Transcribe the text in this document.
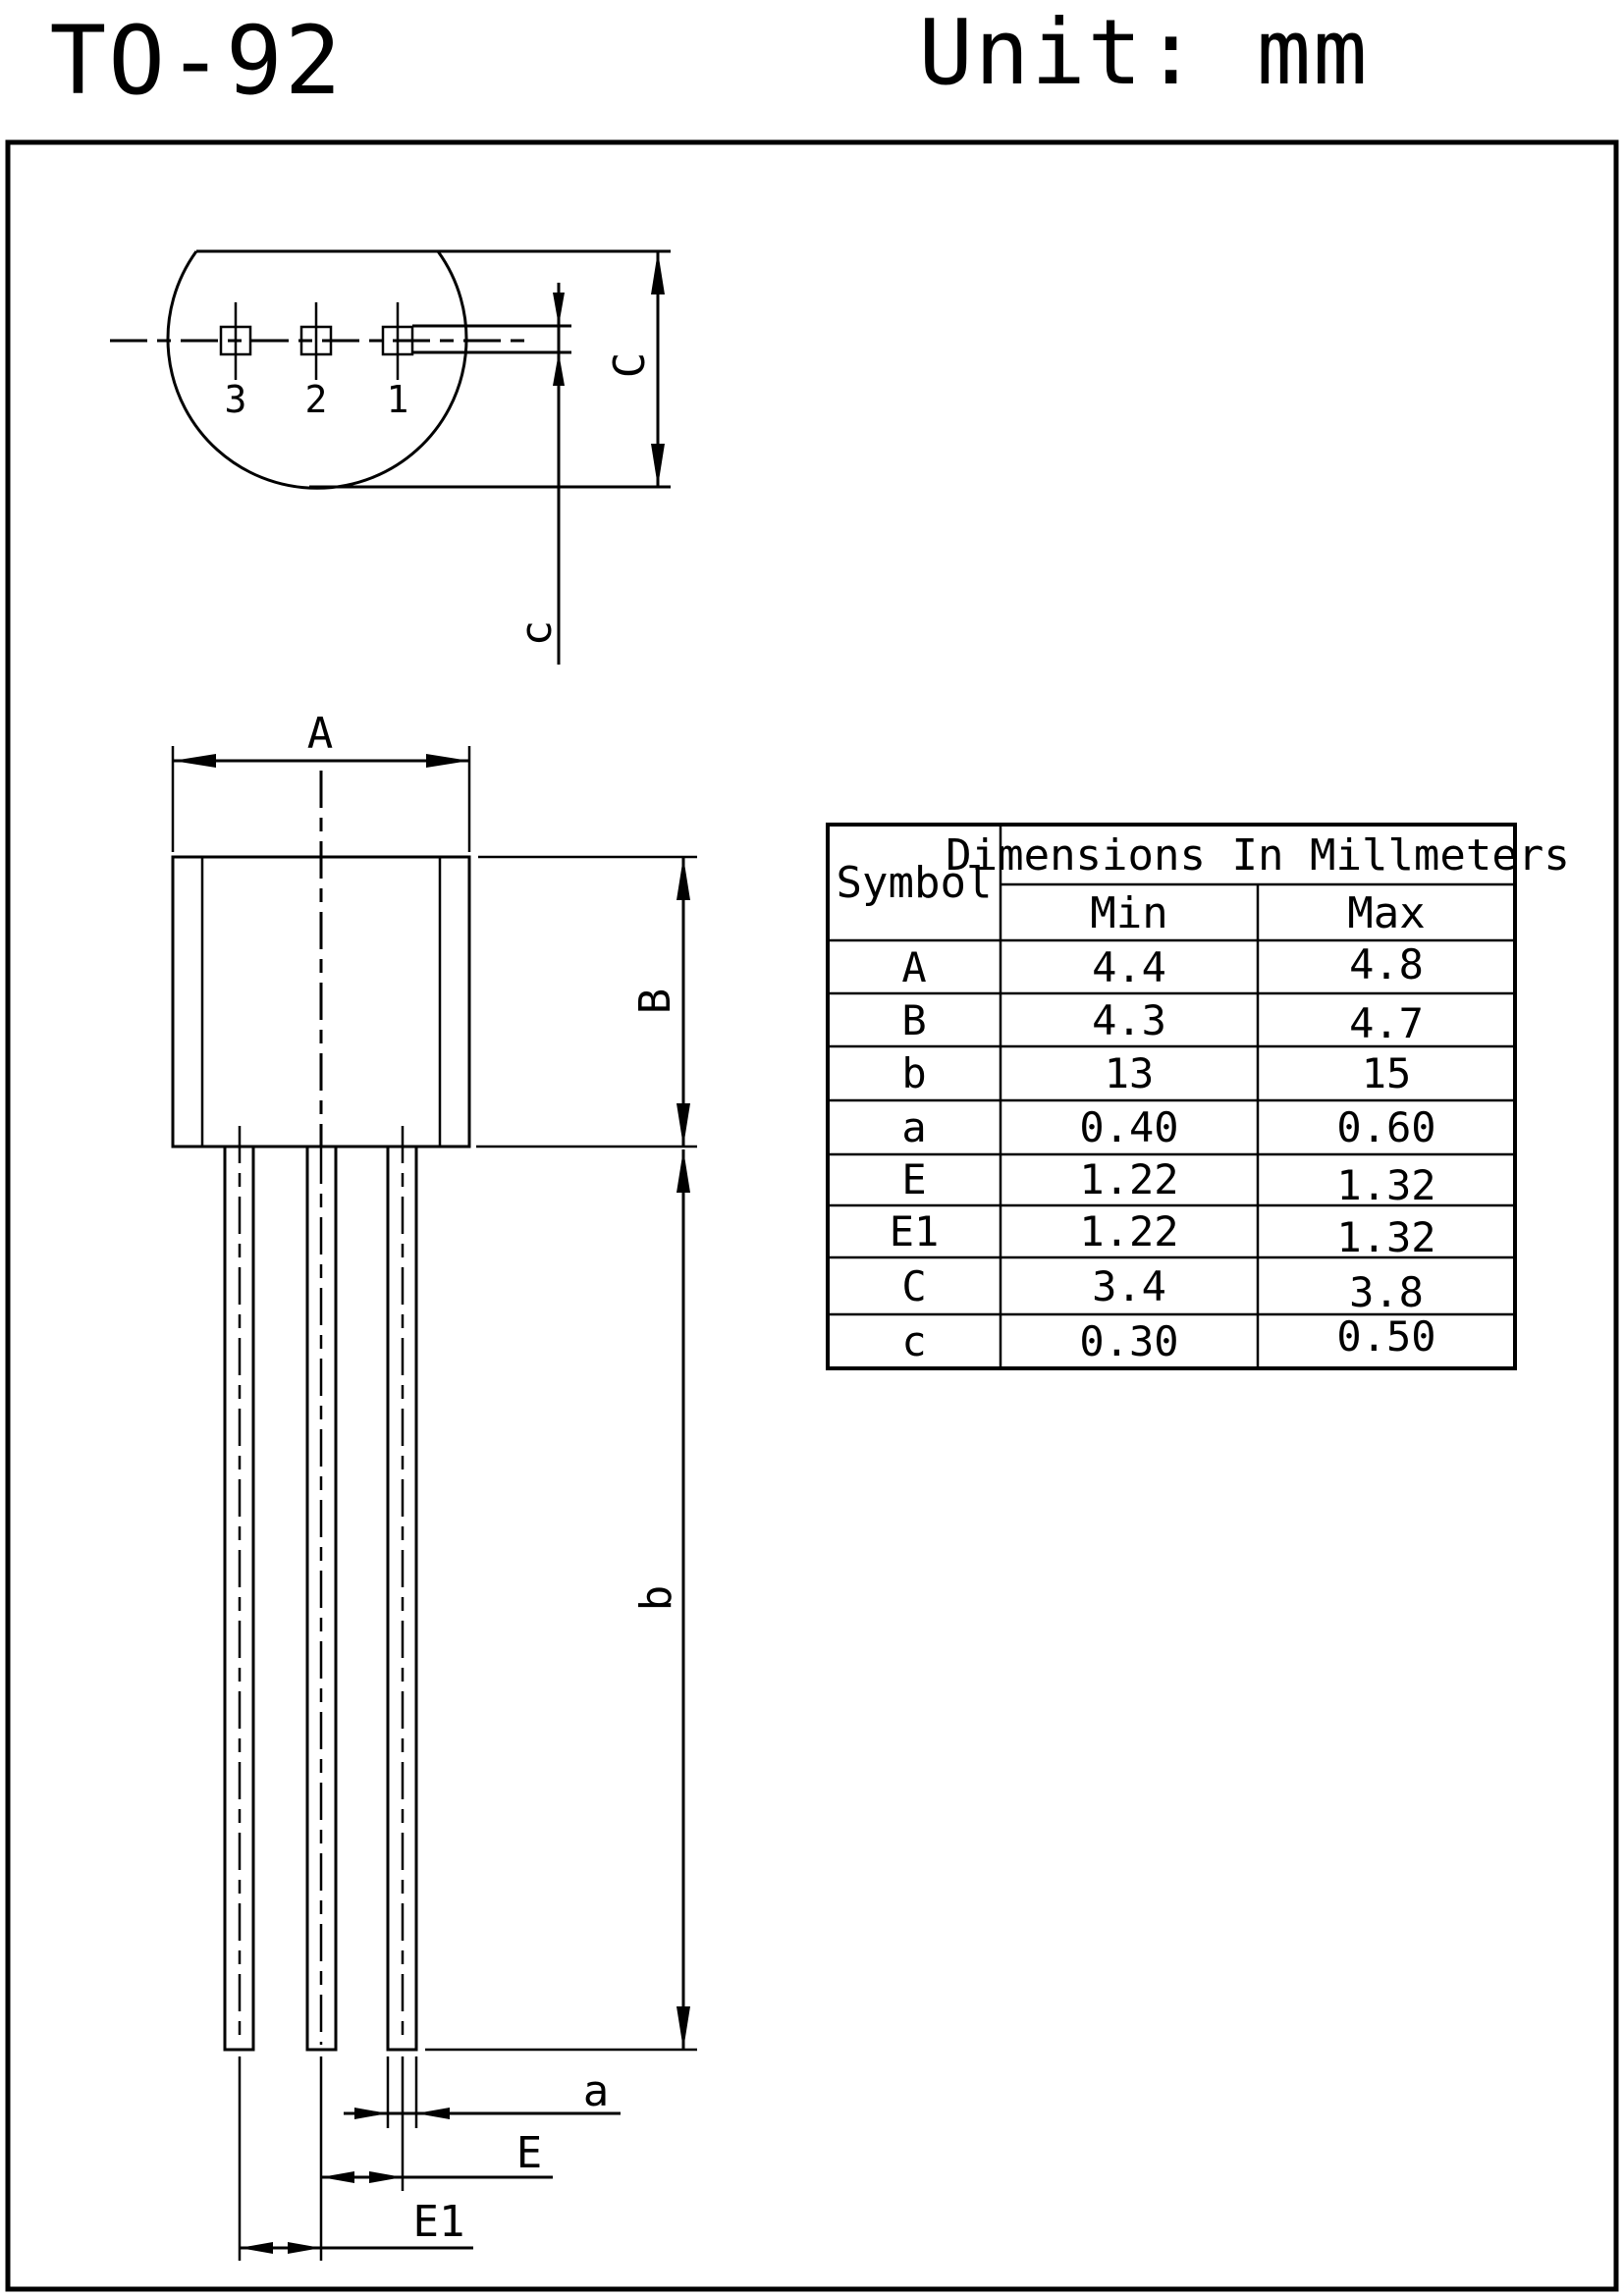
TO-92	Unit: mm
3 2 1
c
C
A
B
b
a
E
E1
Symbol
Dimensions In Millmeters
Min	Max
A	4.4	4.8
B	4.3	4.7
b	13	15
a	0.40	0.60
E	1.22	1.32
E1	1.22	1.32
C	3.4	3.8
c	0.30	0.50
